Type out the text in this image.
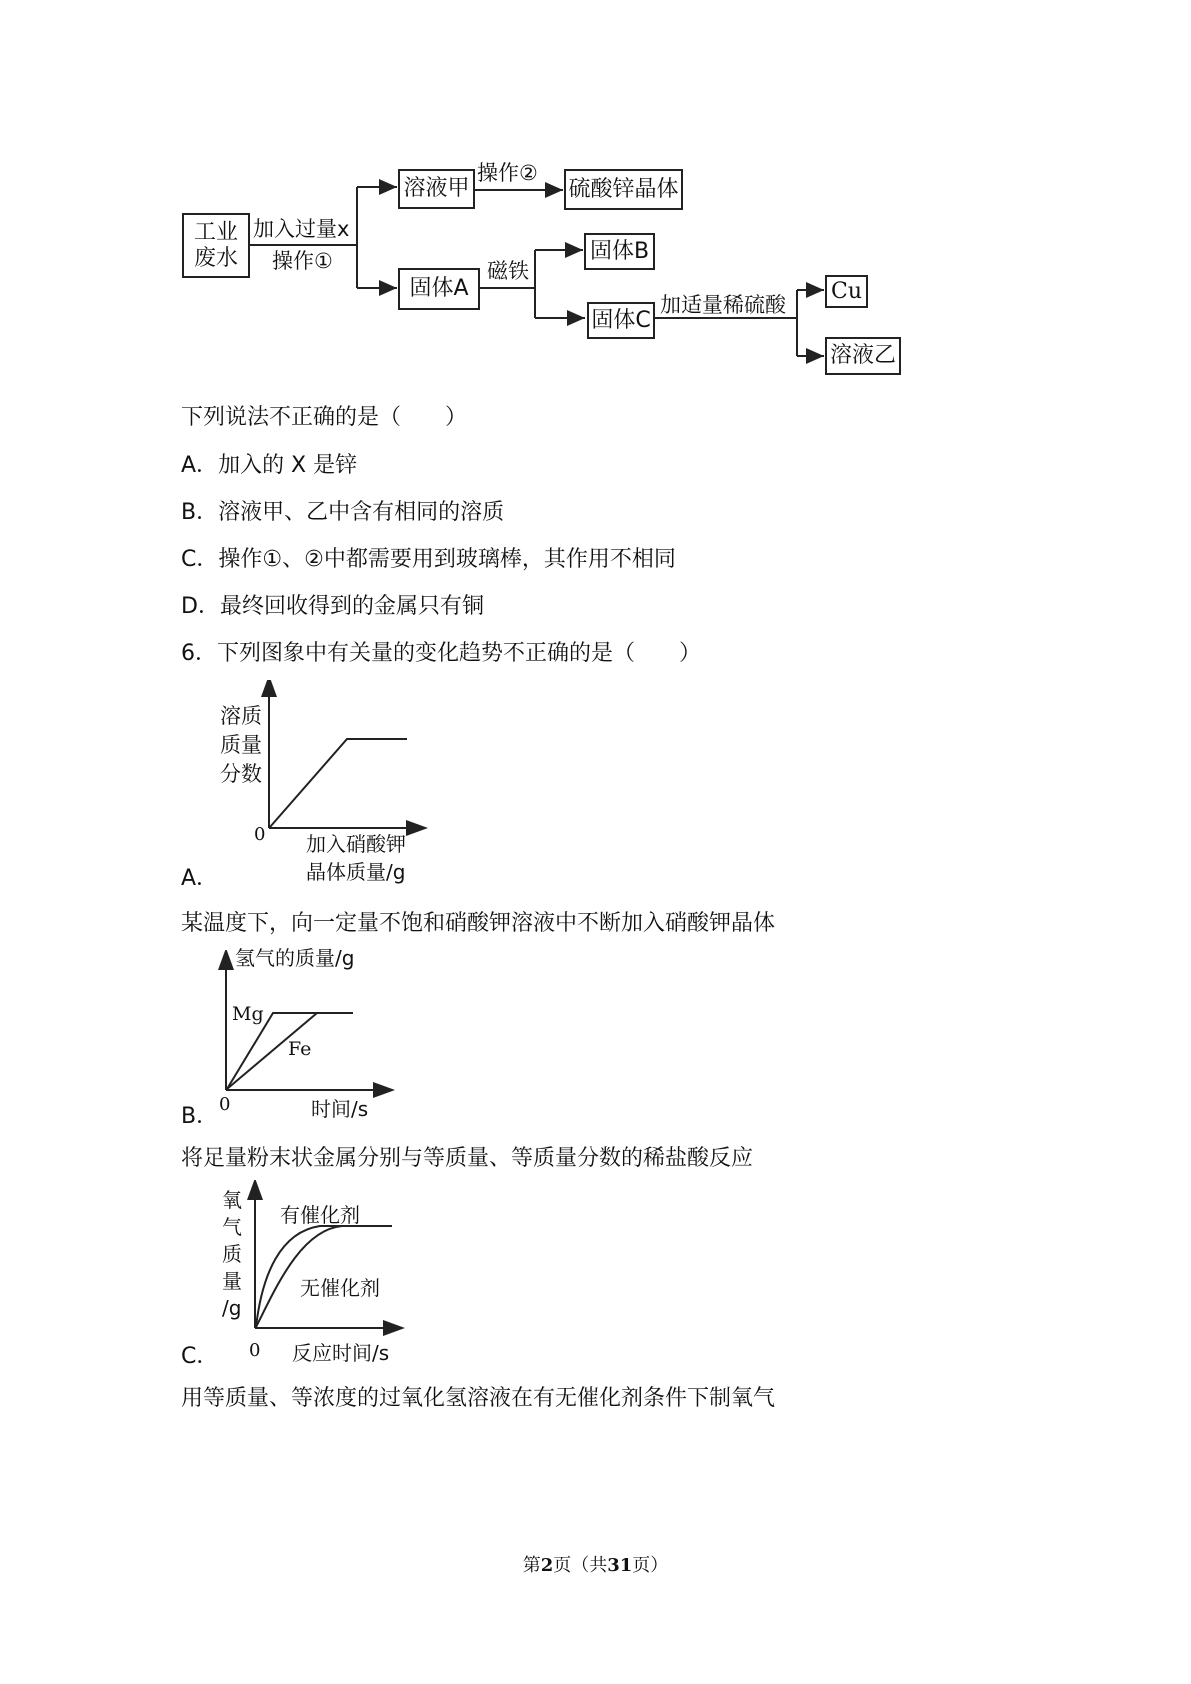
工业
废水
加入过量x
操作①
溶液甲
操作②
硫酸锌晶体
固体A
磁铁
固体B
固体C
加适量稀硫酸
Cu
溶液乙
下列说法不正确的是（　　）
A．加入的 X 是锌
B．溶液甲、乙中含有相同的溶质
C．操作①、②中都需要用到玻璃棒，其作用不相同
D．最终回收得到的金属只有铜
6．下列图象中有关量的变化趋势不正确的是（　　）
溶质
质量
分数
0 加入硝酸钾
晶体质量/g
A．
某温度下，向一定量不饱和硝酸钾溶液中不断加入硝酸钾晶体
氢气的质量/g
Mg
Fe
0	时间/s
B．
将足量粉末状金属分别与等质量、等质量分数的稀盐酸反应
氧
气
质
量
/g
有催化剂
无催化剂
0 反应时间/s
C．
用等质量、等浓度的过氧化氢溶液在有无催化剂条件下制氧气
第2页（共31页）
